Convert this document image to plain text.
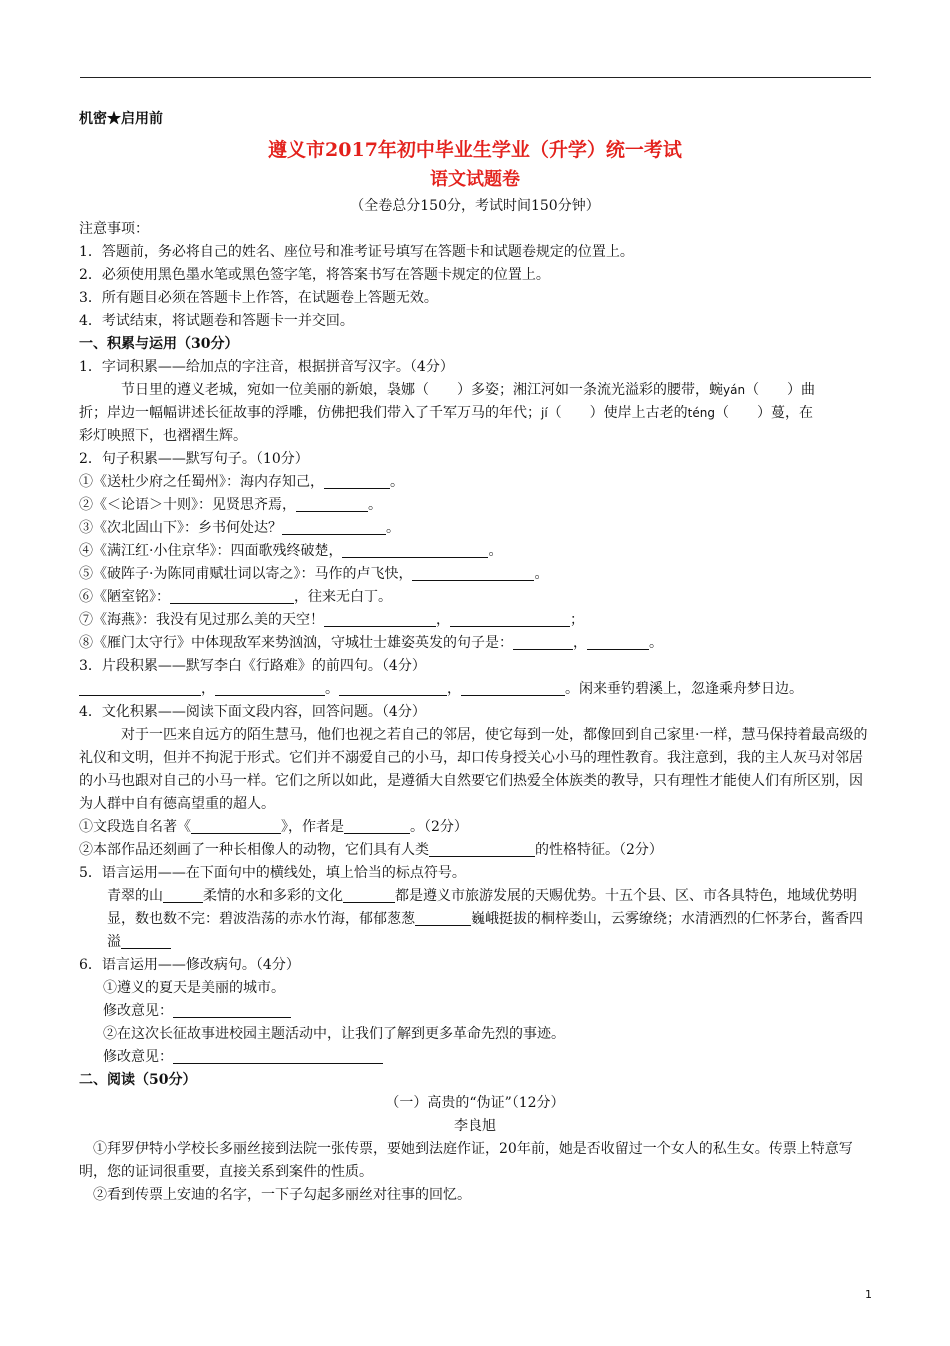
机密★启用前
遵义市2017年初中毕业生学业（升学）统一考试
语文试题卷
（全卷总分150分，考试时间150分钟）
注意事项：
1．答题前，务必将自己的姓名、座位号和准考证号填写在答题卡和试题卷规定的位置上。
2．必须使用黑色墨水笔或黑色签字笔，将答案书写在答题卡规定的位置上。
3．所有题目必须在答题卡上作答，在试题卷上答题无效。
4．考试结束，将试题卷和答题卡一并交回。
一、积累与运用（30分）
1．字词积累——给加点的字注音，根据拼音写汉字。（4分）
节日里的遵义老城，宛如一位美丽的新娘，袅娜（　　）多姿；湘江河如一条流光溢彩的腰带，蜿yán（　　）曲
折；岸边一幅幅讲述长征故事的浮雕，仿佛把我们带入了千军万马的年代；jí（　　）使岸上古老的téng（　　）蔓，在
彩灯映照下，也褶褶生辉。
2．句子积累——默写句子。（10分）
①《送杜少府之任蜀州》：海内存知己，	。
②《＜论语＞十则》：见贤思齐焉，	。
③《次北固山下》：乡书何处达？	。
④《满江红·小住京华》：四面歌残终破楚，	。
⑤《破阵子·为陈同甫赋壮词以寄之》：马作的卢飞快，	。
⑥《陋室铭》：	，往来无白丁。
⑦《海燕》：我没有见过那么美的天空！	，	；
⑧《雁门太守行》中体现敌军来势汹汹，守城壮士雄姿英发的句子是：	，	。
3．片段积累——默写李白《行路难》的前四句。（4分）
，	。	，	。闲来垂钓碧溪上，忽逢乘舟梦日边。
4．文化积累——阅读下面文段内容，回答问题。（4分）
对于一匹来自远方的陌生慧马，他们也视之若自己的邻居，使它每到一处，都像回到自己家里·一样，慧马保持着最高级的礼仪和文明，但并不拘泥于形式。它们并不溺爱自己的小马，却口传身授关心小马的理性教育。我注意到，我的主人灰马对邻居的小马也跟对自己的小马一样。它们之所以如此，是遵循大自然要它们热爱全体族类的教导，只有理性才能使人们有所区别，因为人群中自有德高望重的超人。
①文段选自名著《	》，作者是	。（2分）
②本部作品还刻画了一种长相像人的动物，它们具有人类	的性格特征。（2分）
5．语言运用——在下面句中的横线处，填上恰当的标点符号。
青翠的山	柔情的水和多彩的文化	都是遵义市旅游发展的天赐优势。十五个县、区、市各具特色，地域优势明显，数也数不完：碧波浩荡的赤水竹海，郁郁葱葱	巍峨挺拔的桐梓娄山，云雾缭绕；水清洒烈的仁怀茅台，酱香四溢
6．语言运用——修改病句。（4分）
①遵义的夏天是美丽的城市。
修改意见：
②在这次长征故事进校园主题活动中，让我们了解到更多革命先烈的事迹。
修改意见：
二、阅读（50分）
（一）高贵的“伪证”（12分）
李良旭
①拜罗伊特小学校长多丽丝接到法院一张传票，要她到法庭作证，20年前，她是否收留过一个女人的私生女。传票上特意写明，您的证词很重要，直接关系到案件的性质。
②看到传票上安迪的名字，一下子勾起多丽丝对往事的回忆。
1
